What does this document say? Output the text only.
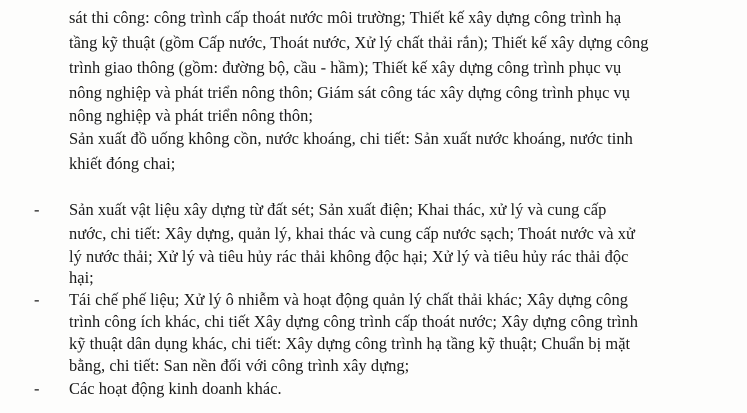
sát thi công: công trình cấp thoát nước môi trường; Thiết kế xây dựng công trình hạ
tầng kỹ thuật (gồm Cấp nước, Thoát nước, Xử lý chất thải rắn); Thiết kế xây dựng công
trình giao thông (gồm: đường bộ, cầu - hầm); Thiết kế xây dựng công trình phục vụ
nông nghiệp và phát triển nông thôn; Giám sát công tác xây dựng công trình phục vụ
nông nghiệp và phát triển nông thôn;
Sản xuất đồ uống không cồn, nước khoáng, chi tiết: Sản xuất nước khoáng, nước tinh
khiết đóng chai;
- Sản xuất vật liệu xây dựng từ đất sét; Sản xuất điện; Khai thác, xử lý và cung cấp
nước, chi tiết: Xây dựng, quản lý, khai thác và cung cấp nước sạch; Thoát nước và xử
lý nước thải; Xử lý và tiêu hủy rác thải không độc hại; Xử lý và tiêu hủy rác thải độc
hại;
- Tái chế phế liệu; Xử lý ô nhiễm và hoạt động quản lý chất thải khác; Xây dựng công
trình công ích khác, chi tiết Xây dựng công trình cấp thoát nước; Xây dựng công trình
kỹ thuật dân dụng khác, chi tiết: Xây dựng công trình hạ tầng kỹ thuật; Chuẩn bị mặt
bằng, chi tiết: San nền đối với công trình xây dựng;
- Các hoạt động kinh doanh khác.
